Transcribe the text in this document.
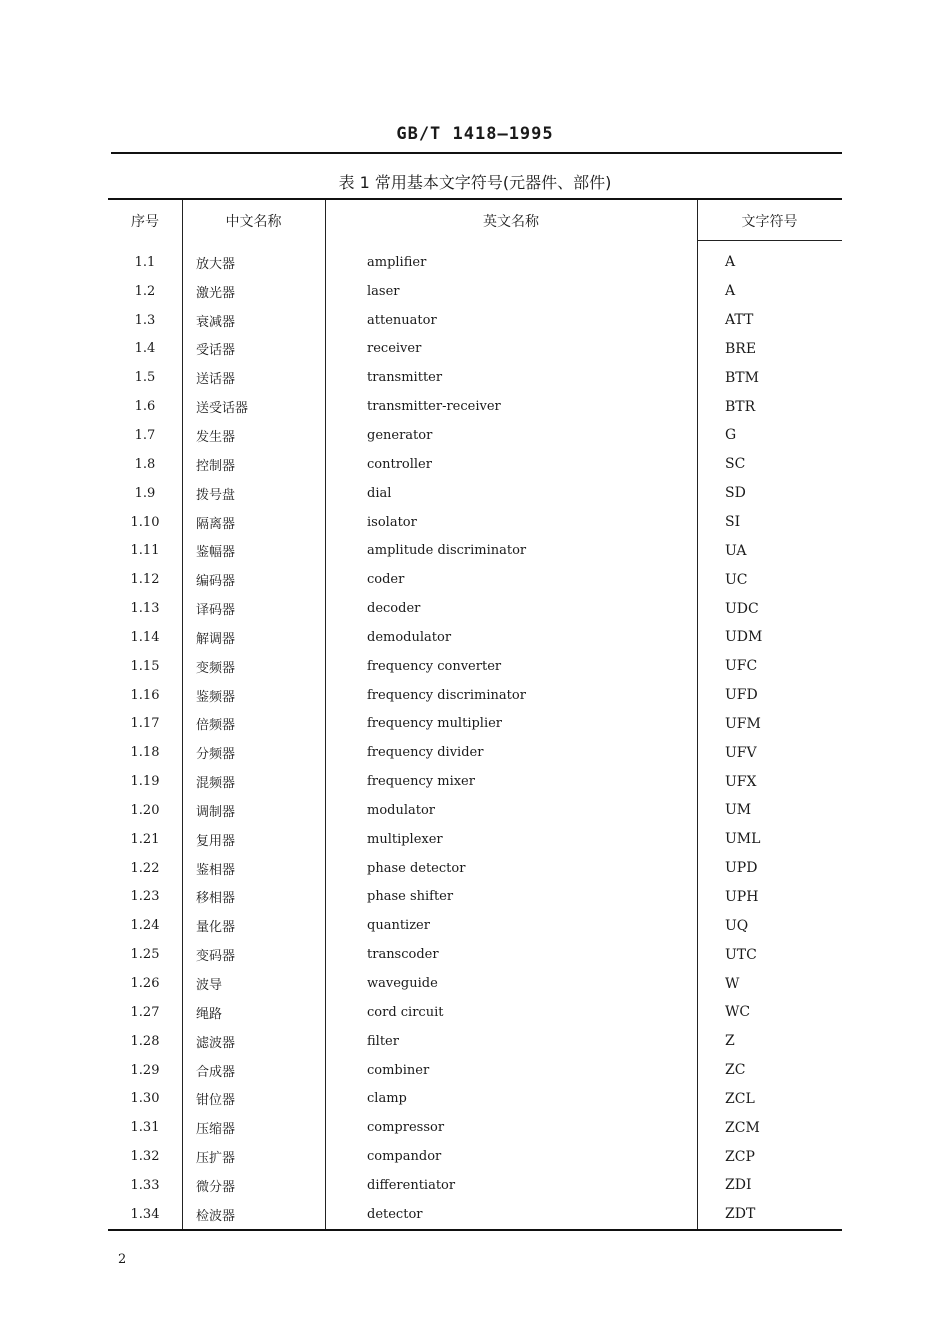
GB/T 1418—1995
表 1 常用基本文字符号(元器件、部件)
序号	中文名称	英文名称	文字符号
1.1	放大器	amplifier	A
1.2	激光器	laser	A
1.3	衰减器	attenuator	ATT
1.4	受话器	receiver	BRE
1.5	送话器	transmitter	BTM
1.6	送受话器	transmitter-receiver	BTR
1.7	发生器	generator	G
1.8	控制器	controller	SC
1.9	拨号盘	dial	SD
1.10	隔离器	isolator	SI
1.11	鉴幅器	amplitude discriminator	UA
1.12	编码器	coder	UC
1.13	译码器	decoder	UDC
1.14	解调器	demodulator	UDM
1.15	变频器	frequency converter	UFC
1.16	鉴频器	frequency discriminator	UFD
1.17	倍频器	frequency multiplier	UFM
1.18	分频器	frequency divider	UFV
1.19	混频器	frequency mixer	UFX
1.20	调制器	modulator	UM
1.21	复用器	multiplexer	UML
1.22	鉴相器	phase detector	UPD
1.23	移相器	phase shifter	UPH
1.24	量化器	quantizer	UQ
1.25	变码器	transcoder	UTC
1.26	波导	waveguide	W
1.27	绳路	cord circuit	WC
1.28	滤波器	filter	Z
1.29	合成器	combiner	ZC
1.30	钳位器	clamp	ZCL
1.31	压缩器	compressor	ZCM
1.32	压扩器	compandor	ZCP
1.33	微分器	differentiator	ZDI
1.34	检波器	detector	ZDT
2
